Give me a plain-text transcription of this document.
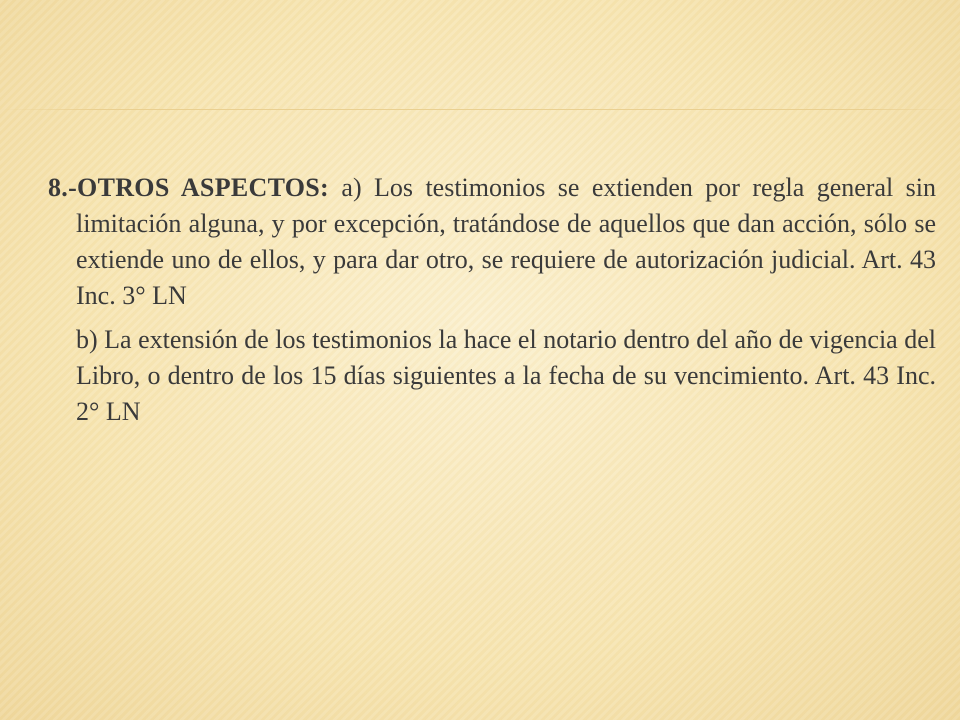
8.-OTROS ASPECTOS: a) Los testimonios se extienden por regla general sin limitación alguna, y por excepción, tratándose de aquellos que dan acción, sólo se extiende uno de ellos, y para dar otro, se requiere de autorización judicial. Art. 43 Inc. 3° LN

b) La extensión de los testimonios la hace el notario dentro del año de vigencia del Libro, o dentro de los 15 días siguientes a la fecha de su vencimiento. Art. 43 Inc. 2° LN
